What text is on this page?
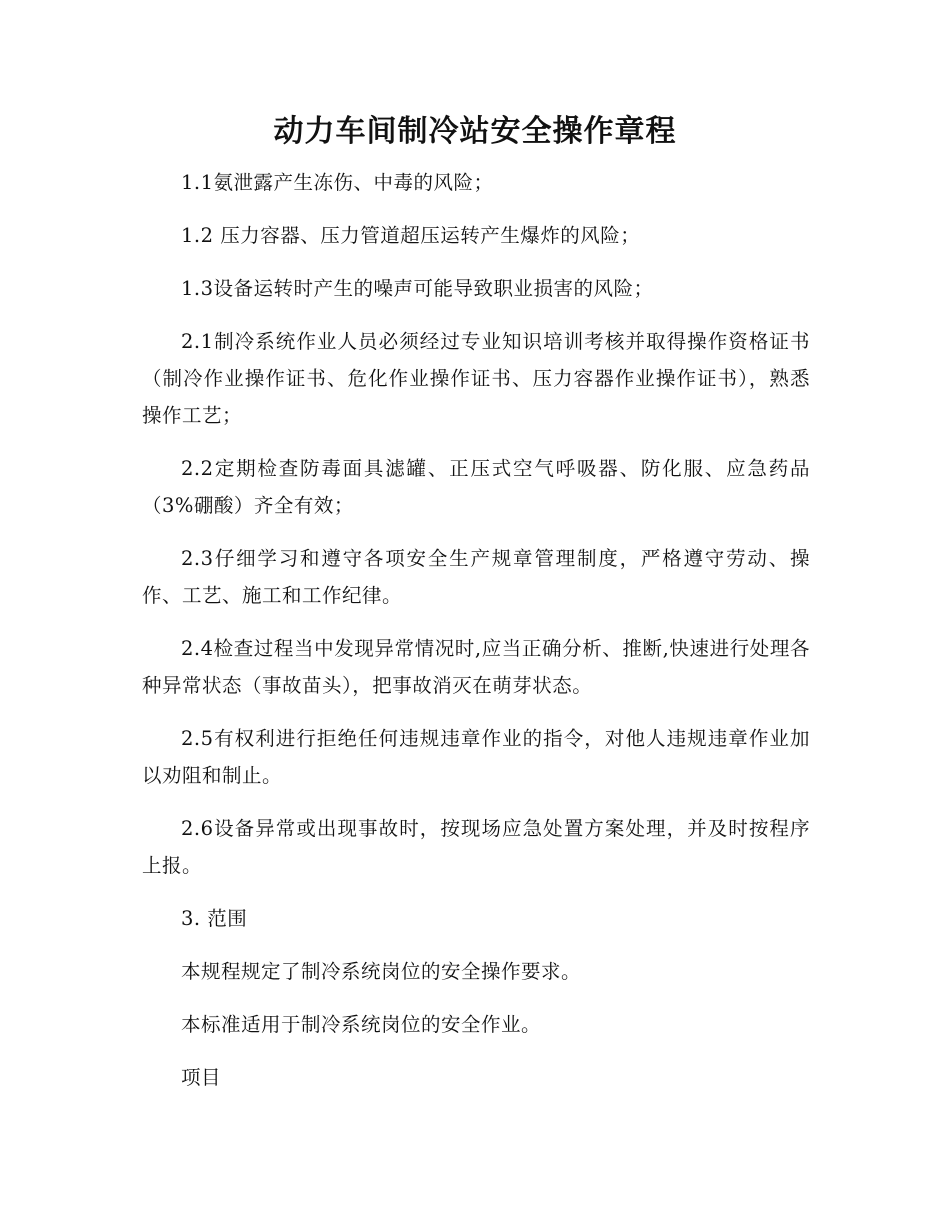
动力车间制冷站安全操作章程

1.1氨泄露产生冻伤、中毒的风险；

1.2 压力容器、压力管道超压运转产生爆炸的风险；

1.3设备运转时产生的噪声可能导致职业损害的风险；

2.1制冷系统作业人员必须经过专业知识培训考核并取得操作资格证书（制冷作业操作证书、危化作业操作证书、压力容器作业操作证书），熟悉操作工艺；

2.2定期检查防毒面具滤罐、正压式空气呼吸器、防化服、应急药品（3%硼酸）齐全有效；

2.3仔细学习和遵守各项安全生产规章管理制度，严格遵守劳动、操作、工艺、施工和工作纪律。

2.4检查过程当中发现异常情况时,应当正确分析、推断,快速进行处理各种异常状态（事故苗头），把事故消灭在萌芽状态。

2.5有权利进行拒绝任何违规违章作业的指令，对他人违规违章作业加以劝阻和制止。

2.6设备异常或出现事故时，按现场应急处置方案处理，并及时按程序上报。

3. 范围

本规程规定了制冷系统岗位的安全操作要求。

本标准适用于制冷系统岗位的安全作业。

项目
